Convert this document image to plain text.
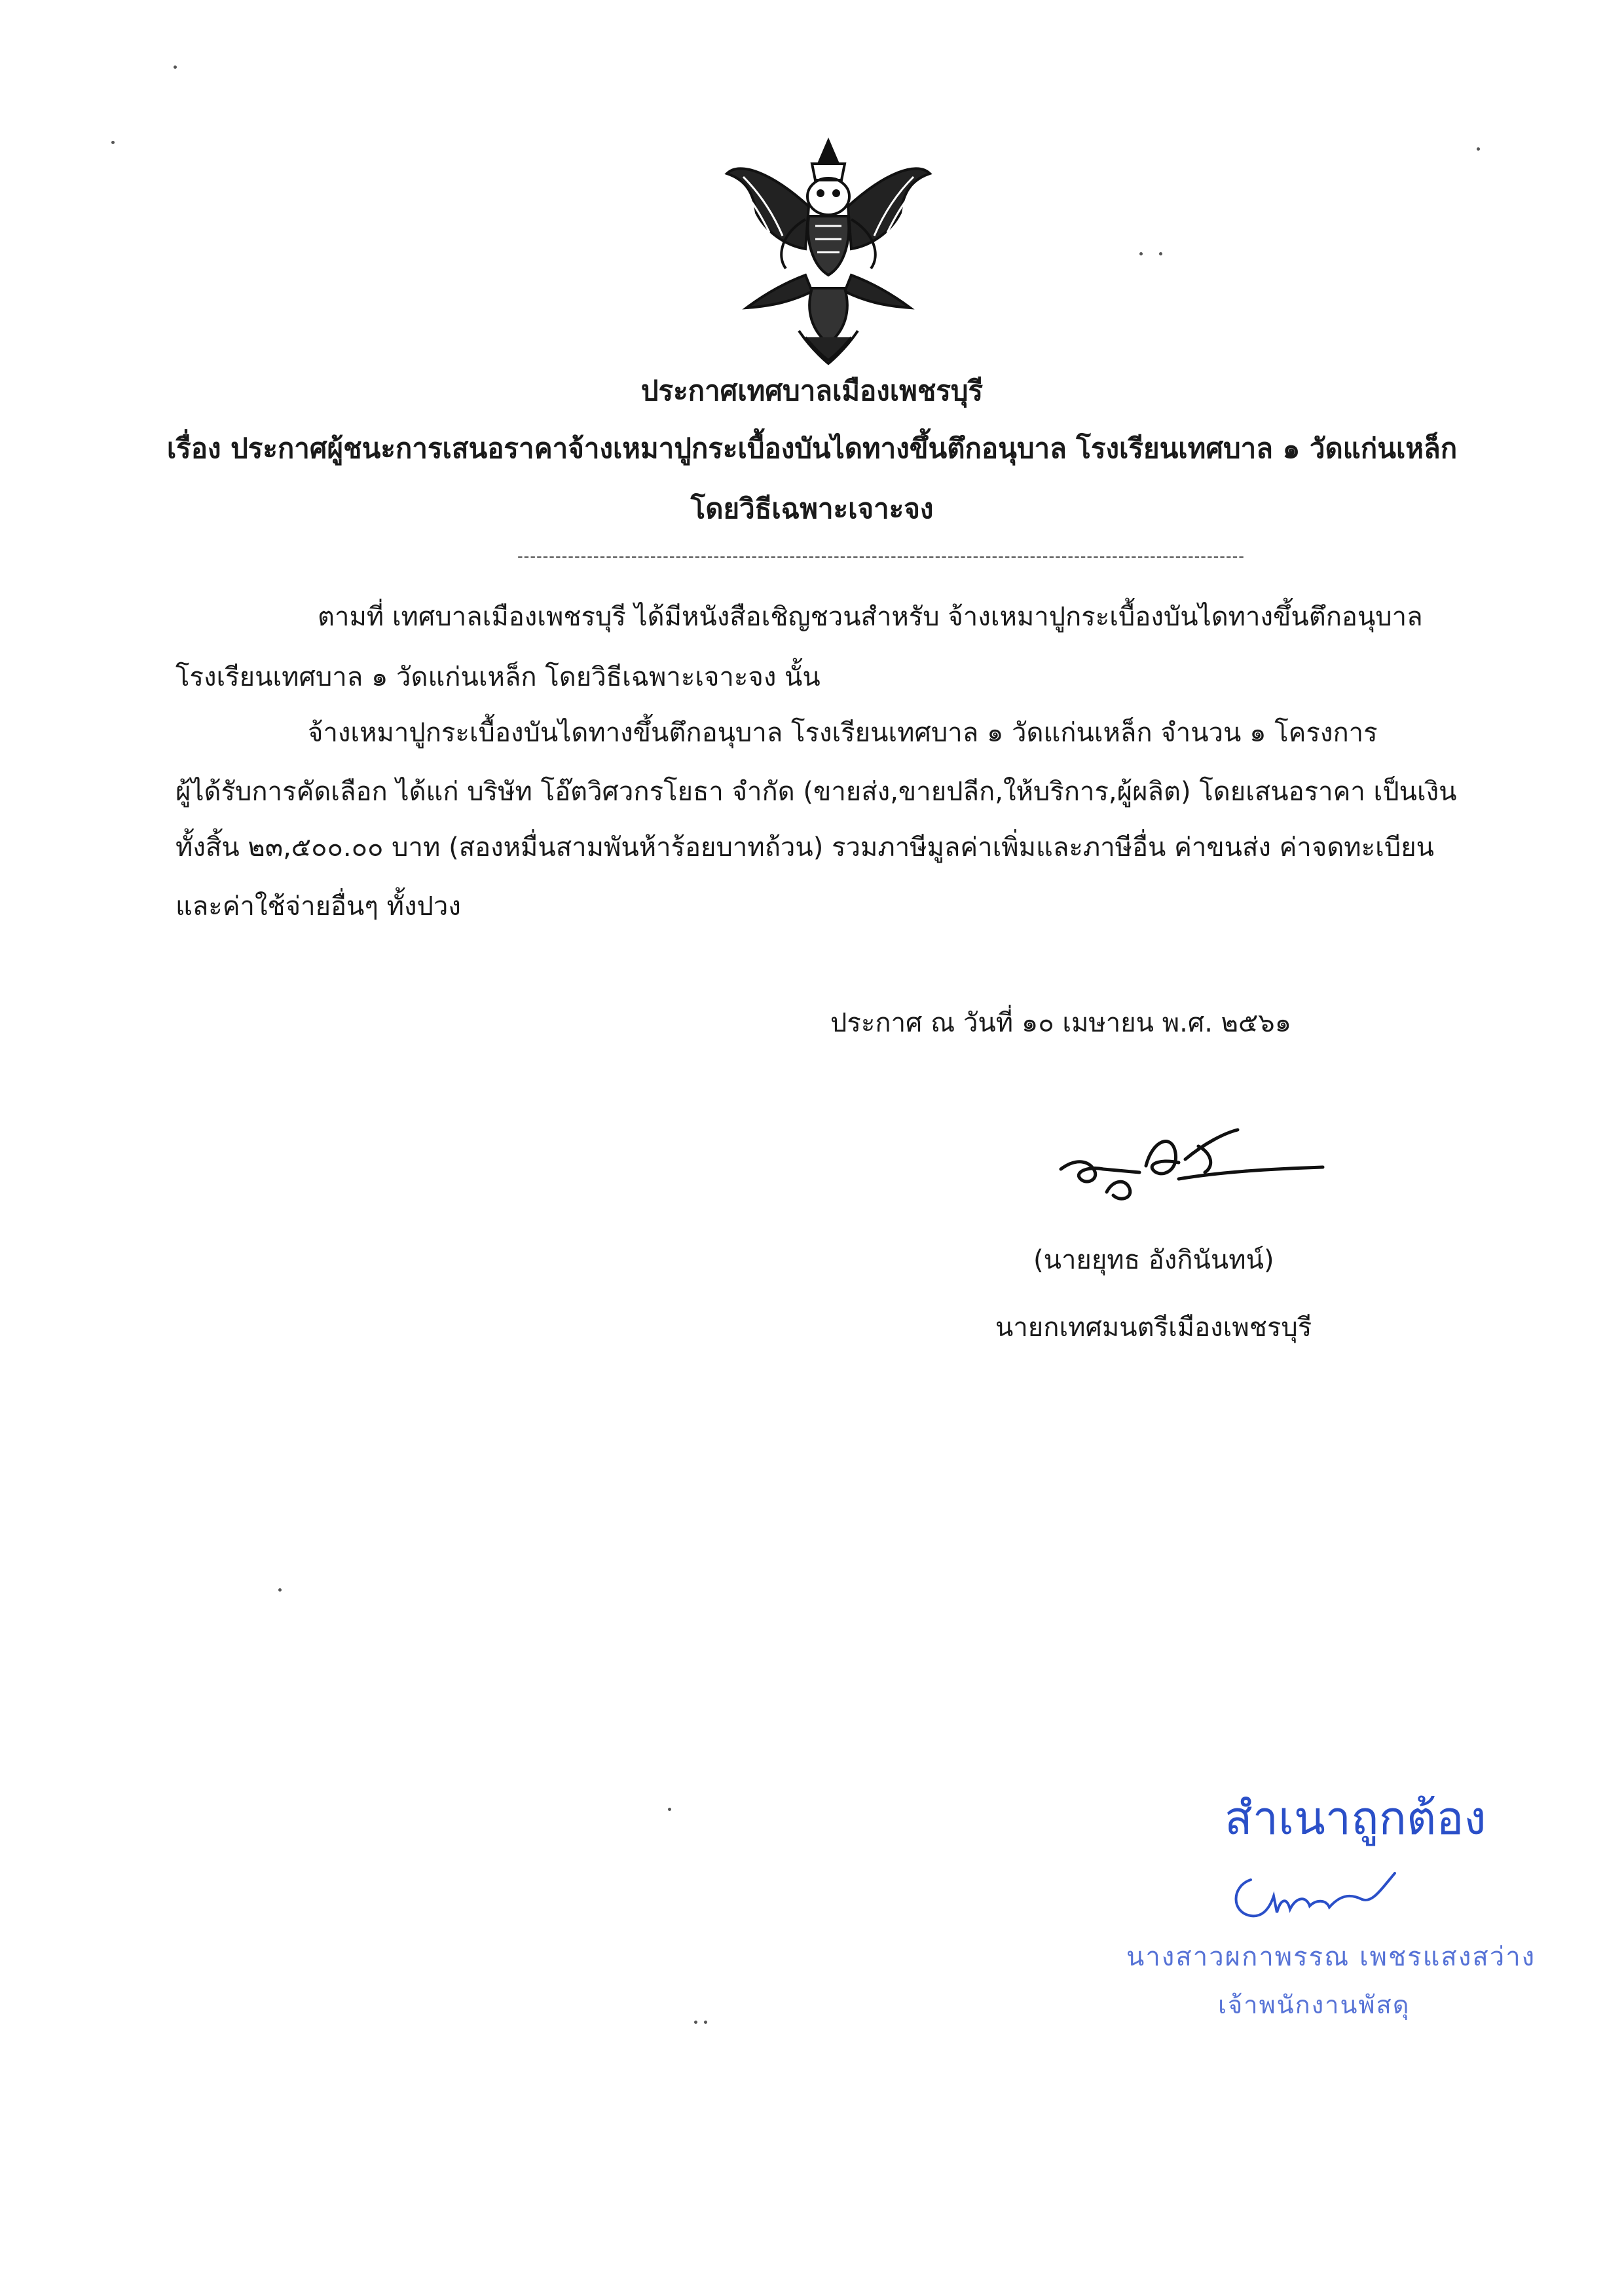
ประกาศเทศบาลเมืองเพชรบุรี
เรื่อง ประกาศผู้ชนะการเสนอราคาจ้างเหมาปูกระเบื้องบันไดทางขึ้นตึกอนุบาล โรงเรียนเทศบาล ๑ วัดแก่นเหล็ก
โดยวิธีเฉพาะเจาะจง
-------------------------------------------------------------------------------------------------------------------
ตามที่ เทศบาลเมืองเพชรบุรี ได้มีหนังสือเชิญชวนสำหรับ จ้างเหมาปูกระเบื้องบันไดทางขึ้นตึกอนุบาล
โรงเรียนเทศบาล ๑ วัดแก่นเหล็ก โดยวิธีเฉพาะเจาะจง นั้น
จ้างเหมาปูกระเบื้องบันไดทางขึ้นตึกอนุบาล โรงเรียนเทศบาล ๑ วัดแก่นเหล็ก จำนวน ๑ โครงการ
ผู้ได้รับการคัดเลือก ได้แก่ บริษัท โอ๊ตวิศวกรโยธา จำกัด (ขายส่ง,ขายปลีก,ให้บริการ,ผู้ผลิต) โดยเสนอราคา เป็นเงิน
ทั้งสิ้น ๒๓,๕๐๐.๐๐ บาท (สองหมื่นสามพันห้าร้อยบาทถ้วน) รวมภาษีมูลค่าเพิ่มและภาษีอื่น ค่าขนส่ง ค่าจดทะเบียน
และค่าใช้จ่ายอื่นๆ ทั้งปวง
ประกาศ ณ วันที่ ๑๐ เมษายน พ.ศ. ๒๕๖๑
(นายยุทธ อังกินันทน์)
นายกเทศมนตรีเมืองเพชรบุรี
สำเนาถูกต้อง
นางสาวผกาพรรณ เพชรแสงสว่าง
เจ้าพนักงานพัสดุ
